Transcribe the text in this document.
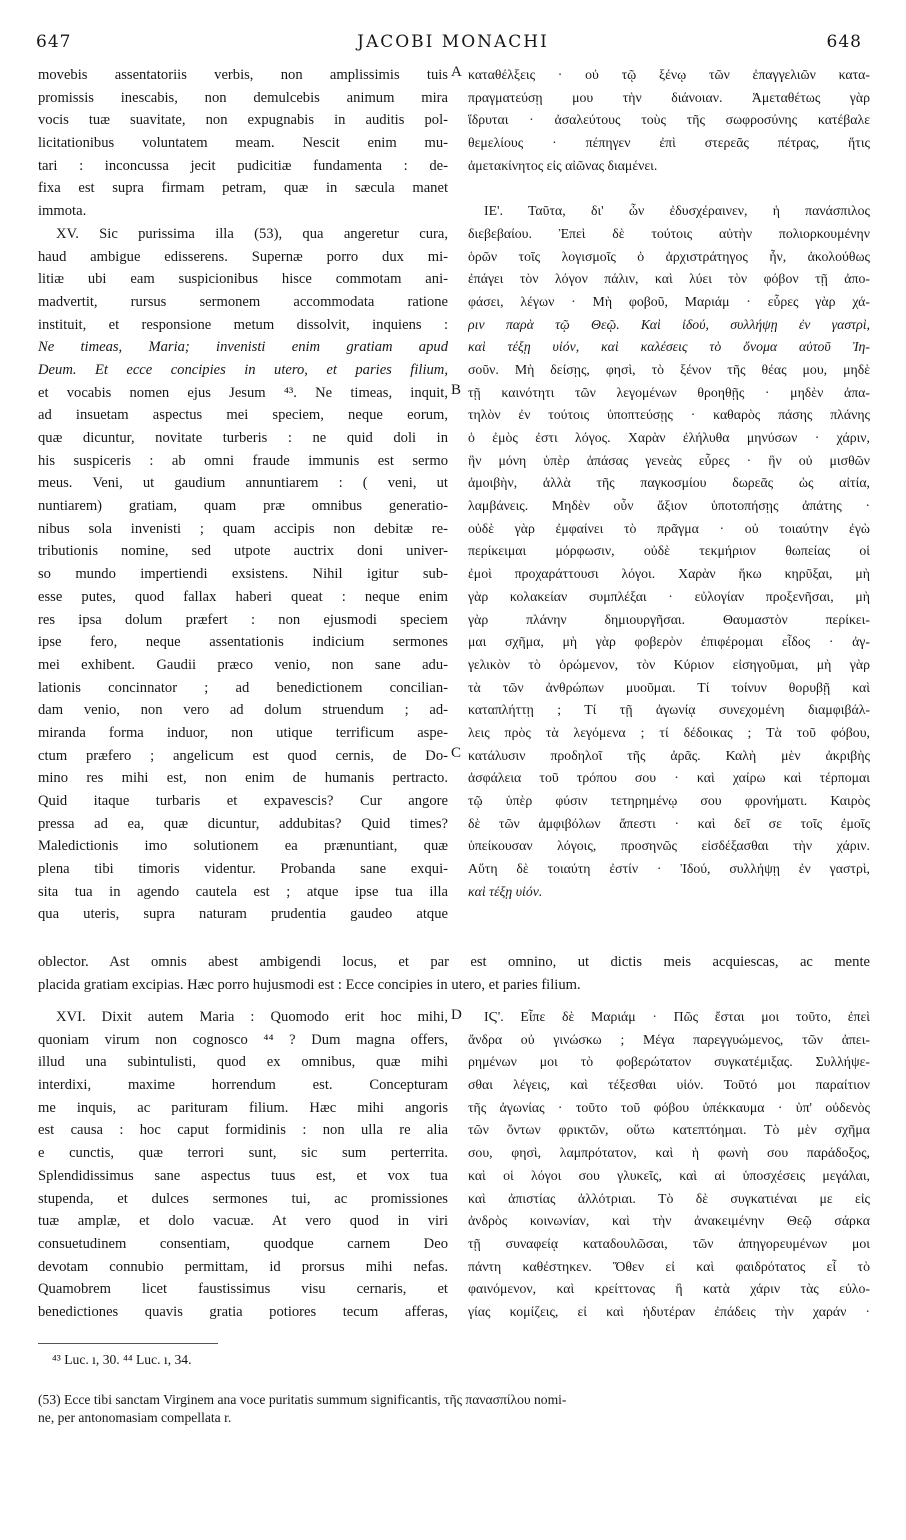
647	JACOBI MONACHI	648
A
B
C
D
movebis assentatoriis verbis, non amplissimis tuis
promissis inescabis, non demulcebis animum mira
vocis tuæ suavitate, non expugnabis in auditis pol-
licitationibus voluntatem meam. Nescit enim mu-
tari : inconcussa jecit pudicitiæ fundamenta : de-
fixa est supra firmam petram, quæ in sæcula manet
immota.
XV. Sic purissima illa (53), qua angeretur cura,
haud ambigue edisserens. Supernæ porro dux mi-
litiæ ubi eam suspicionibus hisce commotam ani-
madvertit, rursus sermonem accommodata ratione
instituit, et responsione metum dissolvit, inquiens :
Ne timeas, Maria; invenisti enim gratiam apud
Deum. Et ecce concipies in utero, et paries filium,
et vocabis nomen ejus Jesum ⁴³. Ne timeas, inquit,
ad insuetam aspectus mei speciem, neque eorum,
quæ dicuntur, novitate turberis : ne quid doli in
his suspiceris : ab omni fraude immunis est sermo
meus. Veni, ut gaudium annuntiarem : ( veni, ut
nuntiarem) gratiam, quam præ omnibus generatio-
nibus sola invenisti ; quam accipis non debitæ re-
tributionis nomine, sed utpote auctrix doni univer-
so mundo impertiendi exsistens. Nihil igitur sub-
esse putes, quod fallax haberi queat : neque enim
res ipsa dolum præfert : non ejusmodi speciem
ipse fero, neque assentationis indicium sermones
mei exhibent. Gaudii præco venio, non sane adu-
lationis concinnator ; ad benedictionem concilian-
dam venio, non vero ad dolum struendum ; ad-
miranda forma induor, non utique terrificum aspe-
ctum præfero ; angelicum est quod cernis, de Do-
mino res mihi est, non enim de humanis pertracto.
Quid itaque turbaris et expavescis? Cur angore
pressa ad ea, quæ dicuntur, addubitas? Quid times?
Maledictionis imo solutionem ea prænuntiant, quæ
plena tibi timoris videntur. Probanda sane exqui-
sita tua in agendo cautela est ; atque ipse tua illa
qua uteris, supra naturam prudentia gaudeo atque
καταθέλξεις · οὐ τῷ ξένῳ τῶν ἐπαγγελιῶν κατα-
πραγματεύσῃ μου τὴν διάνοιαν. Ἀμεταθέτως γὰρ
ἵδρυται · ἀσαλεύτους τοὺς τῆς σωφροσύνης κατέβαλε
θεμελίους · πέπηγεν ἐπὶ στερεᾶς πέτρας, ἥτις
ἀμετακίνητος εἰς αἰῶνας διαμένει.
ΙΕ'. Ταῦτα, δι' ὧν ἐδυσχέραινεν, ἡ πανάσπιλος
διεβεβαίου. Ἐπεὶ δὲ τούτοις αὐτὴν πολιορκουμένην
ὁρῶν τοῖς λογισμοῖς ὁ ἀρχιστράτηγος ἦν, ἀκολούθως
ἐπάγει τὸν λόγον πάλιν, καὶ λύει τὸν φόβον τῇ ἀπο-
φάσει, λέγων · Μὴ φοβοῦ, Μαριάμ · εὗρες γὰρ χά-
ριν παρὰ τῷ Θεῷ. Καὶ ἰδού, συλλήψῃ ἐν γαστρὶ,
καὶ τέξῃ υἱόν, καὶ καλέσεις τὸ ὄνομα αὐτοῦ Ἰη-
σοῦν. Μὴ δείσῃς, φησὶ, τὸ ξένον τῆς θέας μου, μηδὲ
τῇ καινότητι τῶν λεγομένων θροηθῇς · μηδὲν ἀπα-
τηλὸν ἐν τούτοις ὑποπτεύσῃς · καθαρὸς πάσης πλάνης
ὁ ἐμὸς ἐστι λόγος. Χαρὰν ἐλήλυθα μηνύσων · χάριν,
ἣν μόνη ὑπὲρ ἁπάσας γενεὰς εὗρες · ἣν οὐ μισθῶν
ἀμοιβὴν, ἀλλὰ τῆς παγκοσμίου δωρεᾶς ὡς αἰτία,
λαμβάνεις. Μηδὲν οὖν ἄξιον ὑποτοπήσῃς ἀπάτης ·
οὐδὲ γὰρ ἐμφαίνει τὸ πρᾶγμα · οὐ τοιαύτην ἐγὼ
περίκειμαι μόρφωσιν, οὐδὲ τεκμήριον θωπείας οἱ
ἐμοὶ προχαράττουσι λόγοι. Χαρὰν ἥκω κηρῦξαι, μὴ
γὰρ κολακείαν συμπλέξαι · εὐλογίαν προξενῆσαι, μὴ
γὰρ πλάνην δημιουργῆσαι. Θαυμαστὸν περίκει-
μαι σχῆμα, μὴ γὰρ φοβερὸν ἐπιφέρομαι εἶδος · ἀγ-
γελικὸν τὸ ὁρώμενον, τὸν Κύριον εἰσηγοῦμαι, μὴ γὰρ
τὰ τῶν ἀνθρώπων μυοῦμαι. Τί τοίνυν θορυβῇ καὶ
καταπλήττῃ ; Τί τῇ ἀγωνίᾳ συνεχομένη διαμφιβάλ-
λεις πρὸς τὰ λεγόμενα ; τί δέδοικας ; Τὰ τοῦ φόβου,
κατάλυσιν προδηλοῖ τῆς ἀρᾶς. Καλὴ μὲν ἀκριβὴς
ἀσφάλεια τοῦ τρόπου σου · καὶ χαίρω καὶ τέρπομαι
τῷ ὑπὲρ φύσιν τετηρημένῳ σου φρονήματι. Καιρὸς
δὲ τῶν ἀμφιβόλων ἄπεστι · καὶ δεῖ σε τοῖς ἐμοῖς
ὑπείκουσαν λόγοις, προσηνῶς εἰσδέξασθαι τὴν χάριν.
Αὕτη δὲ τοιαύτη ἐστίν · Ἰδού, συλλήψῃ ἐν γαστρὶ,
καὶ τέξῃ υἱόν.
oblector. Ast omnis abest ambigendi locus, et par est omnino, ut dictis meis acquiescas, ac mente
placida gratiam excipias. Hæc porro hujusmodi est : Ecce concipies in utero, et paries filium.
XVI. Dixit autem Maria : Quomodo erit hoc mihi,
quoniam virum non cognosco ⁴⁴ ? Dum magna offers,
illud una subintulisti, quod ex omnibus, quæ mihi
interdixi, maxime horrendum est. Concepturam
me inquis, ac parituram filium. Hæc mihi angoris
est causa : hoc caput formidinis : non ulla re alia
e cunctis, quæ terrori sunt, sic sum perterrita.
Splendidissimus sane aspectus tuus est, et vox tua
stupenda, et dulces sermones tui, ac promissiones
tuæ amplæ, et dolo vacuæ. At vero quod in viri
consuetudinem consentiam, quodque carnem Deo
devotam connubio permittam, id prorsus mihi nefas.
Quamobrem licet faustissimus visu cernaris, et
benedictiones quavis gratia potiores tecum afferas,
ΙϚ'. Εἶπε δὲ Μαριάμ · Πῶς ἔσται μοι τοῦτο, ἐπεὶ
ἄνδρα οὐ γινώσκω ; Μέγα παρεγγυώμενος, τῶν ἀπει-
ρημένων μοι τὸ φοβερώτατον συγκατέμιξας. Συλλήψε-
σθαι λέγεις, καὶ τέξεσθαι υἱόν. Τοῦτό μοι παραίτιον
τῆς ἀγωνίας · τοῦτο τοῦ φόβου ὑπέκκαυμα · ὑπ' οὐδενὸς
τῶν ὄντων φρικτῶν, οὕτω κατεπτόημαι. Τὸ μὲν σχῆμα
σου, φησὶ, λαμπρότατον, καὶ ἡ φωνὴ σου παράδοξος,
καὶ οἱ λόγοι σου γλυκεῖς, καὶ αἱ ὑποσχέσεις μεγάλαι,
καὶ ἀπιστίας ἀλλότριαι. Τὸ δὲ συγκατιέναι με εἰς
ἀνδρὸς κοινωνίαν, καὶ τὴν ἀνακειμένην Θεῷ σάρκα
τῇ συναφείᾳ καταδουλῶσαι, τῶν ἀπηγορευμένων μοι
πάντη καθέστηκεν. Ὅθεν εἰ καὶ φαιδρότατος εἶ τὸ
φαινόμενον, καὶ κρείττονας ἢ κατὰ χάριν τὰς εὐλο-
γίας κομίζεις, εἰ καὶ ἡδυτέραν ἐπάδεις τὴν χαράν ·
⁴³ Luc. ı, 30. ⁴⁴ Luc. ı, 34.
(53) Ecce tibi sanctam Virginem ana voce puritatis summum significantis, τῆς πανασπίλου nomi-
ne, per antonomasiam compellata r.
